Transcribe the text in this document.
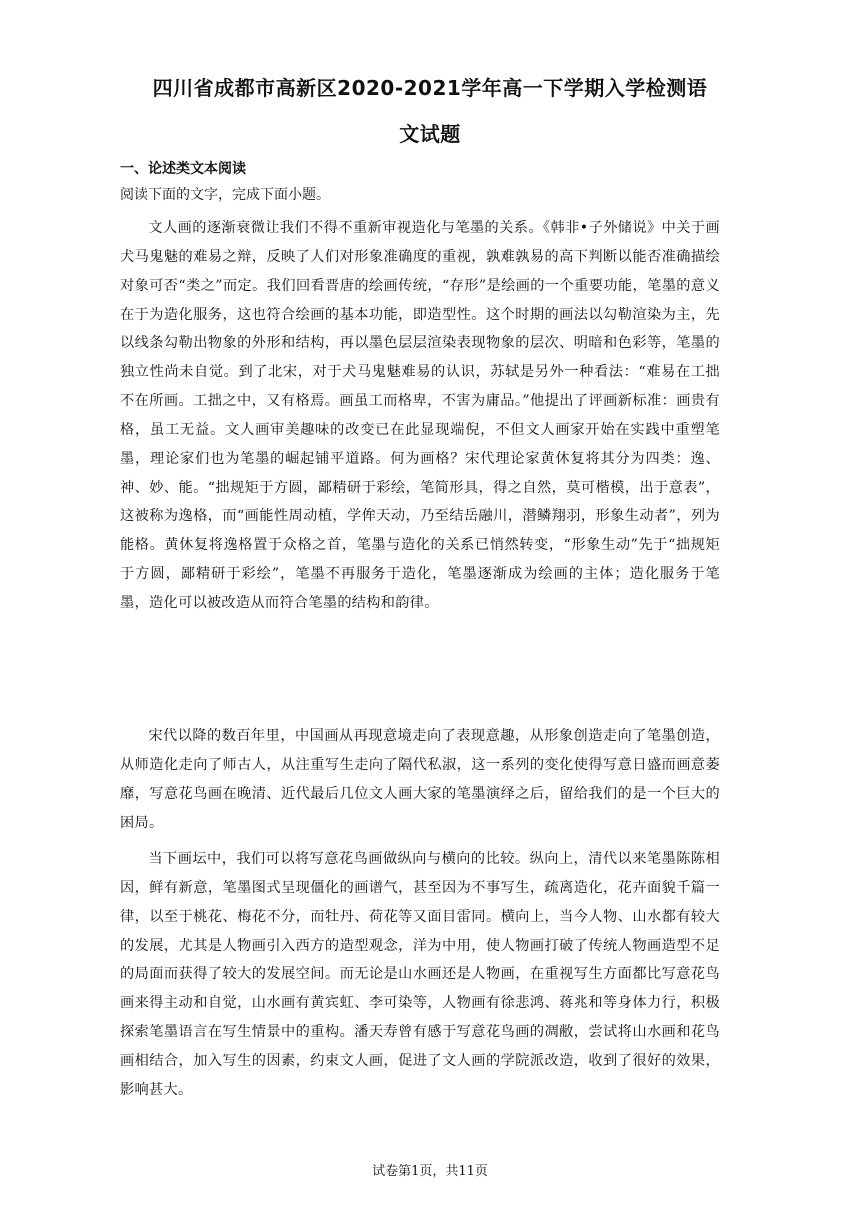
四川省成都市高新区2020-2021学年高一下学期入学检测语
文试题
一、论述类文本阅读
阅读下面的文字，完成下面小题。

文人画的逐渐衰微让我们不得不重新审视造化与笔墨的关系。《韩非•子外储说》中关于画犬马鬼魅的难易之辩，反映了人们对形象准确度的重视，孰难孰易的高下判断以能否准确描绘对象可否“类之”而定。我们回看晋唐的绘画传统，“存形”是绘画的一个重要功能，笔墨的意义在于为造化服务，这也符合绘画的基本功能，即造型性。这个时期的画法以勾勒渲染为主，先以线条勾勒出物象的外形和结构，再以墨色层层渲染表现物象的层次、明暗和色彩等，笔墨的独立性尚未自觉。到了北宋，对于犬马鬼魅难易的认识，苏轼是另外一种看法：“难易在工拙不在所画。工拙之中，又有格焉。画虽工而格卑，不害为庸品。”他提出了评画新标准：画贵有格，虽工无益。文人画审美趣味的改变已在此显现端倪，不但文人画家开始在实践中重塑笔墨，理论家们也为笔墨的崛起铺平道路。何为画格？宋代理论家黄休复将其分为四类：逸、神、妙、能。“拙规矩于方圆，鄙精研于彩绘，笔简形具，得之自然，莫可楷模，出于意表”，这被称为逸格，而“画能性周动植，学侔天动，乃至结岳融川，潜鳞翔羽，形象生动者”，列为能格。黄休复将逸格置于众格之首，笔墨与造化的关系已悄然转变，“形象生动”先于“拙规矩于方圆，鄙精研于彩绘”，笔墨不再服务于造化，笔墨逐渐成为绘画的主体；造化服务于笔墨，造化可以被改造从而符合笔墨的结构和韵律。

宋代以降的数百年里，中国画从再现意境走向了表现意趣，从形象创造走向了笔墨创造，从师造化走向了师古人，从注重写生走向了隔代私淑，这一系列的变化使得写意日盛而画意萎靡，写意花鸟画在晚清、近代最后几位文人画大家的笔墨演绎之后，留给我们的是一个巨大的困局。

当下画坛中，我们可以将写意花鸟画做纵向与横向的比较。纵向上，清代以来笔墨陈陈相因，鲜有新意，笔墨图式呈现僵化的画谱气，甚至因为不事写生，疏离造化，花卉面貌千篇一律，以至于桃花、梅花不分，而牡丹、荷花等又面目雷同。横向上，当今人物、山水都有较大的发展，尤其是人物画引入西方的造型观念，洋为中用，使人物画打破了传统人物画造型不足的局面而获得了较大的发展空间。而无论是山水画还是人物画，在重视写生方面都比写意花鸟画来得主动和自觉，山水画有黄宾虹、李可染等，人物画有徐悲鸿、蒋兆和等身体力行，积极探索笔墨语言在写生情景中的重构。潘天寿曾有感于写意花鸟画的凋敝，尝试将山水画和花鸟画相结合，加入写生的因素，约束文人画，促进了文人画的学院派改造，收到了很好的效果，影响甚大。

试卷第1页，共11页
